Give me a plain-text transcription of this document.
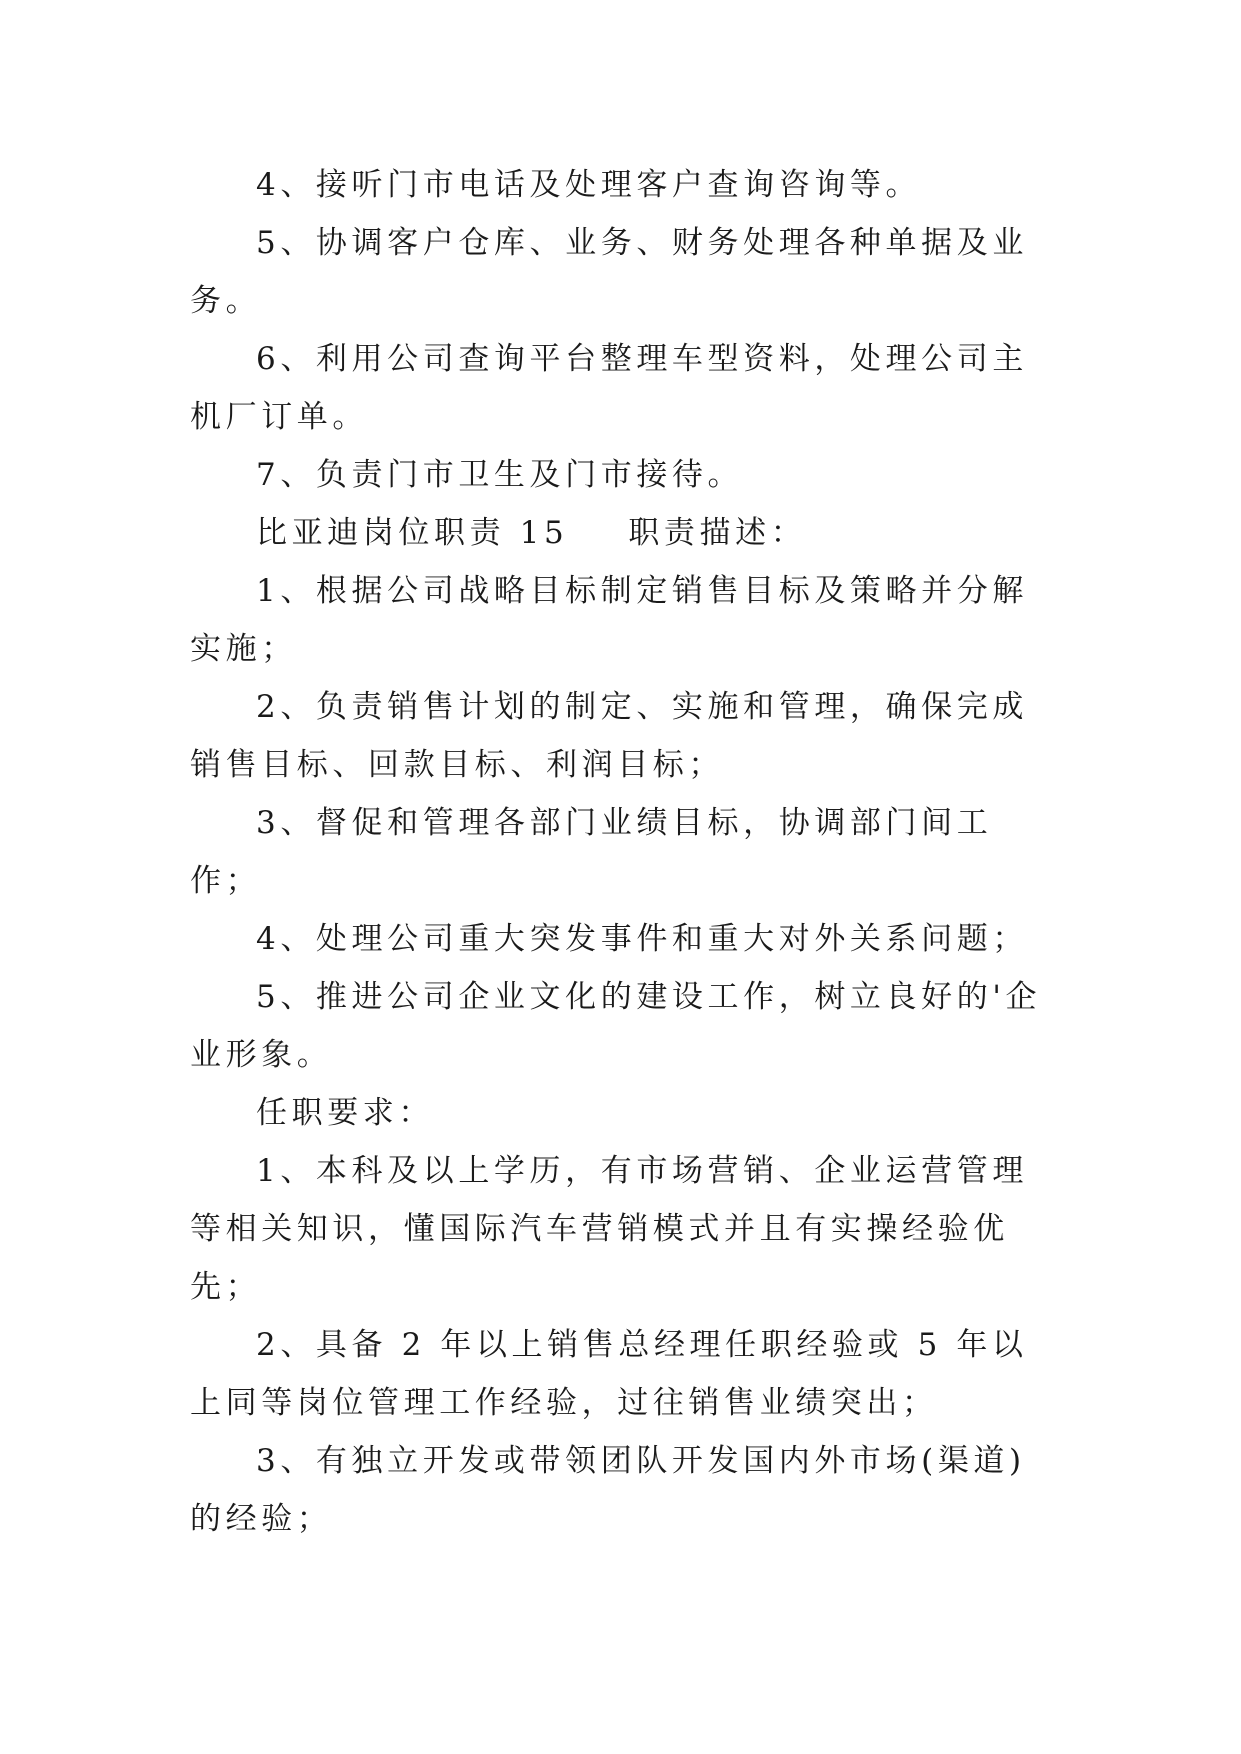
4、接听门市电话及处理客户查询咨询等。

5、协调客户仓库、业务、财务处理各种单据及业务。

6、利用公司查询平台整理车型资料，处理公司主机厂订单。

7、负责门市卫生及门市接待。

比亚迪岗位职责 15 职责描述：

1、根据公司战略目标制定销售目标及策略并分解实施；

2、负责销售计划的制定、实施和管理，确保完成销售目标、回款目标、利润目标；

3、督促和管理各部门业绩目标，协调部门间工作；

4、处理公司重大突发事件和重大对外关系问题；

5、推进公司企业文化的建设工作，树立良好的'企业形象。

任职要求：

1、本科及以上学历，有市场营销、企业运营管理等相关知识，懂国际汽车营销模式并且有实操经验优先；

2、具备 2 年以上销售总经理任职经验或 5 年以上同等岗位管理工作经验，过往销售业绩突出；

3、有独立开发或带领团队开发国内外市场(渠道)的经验；
